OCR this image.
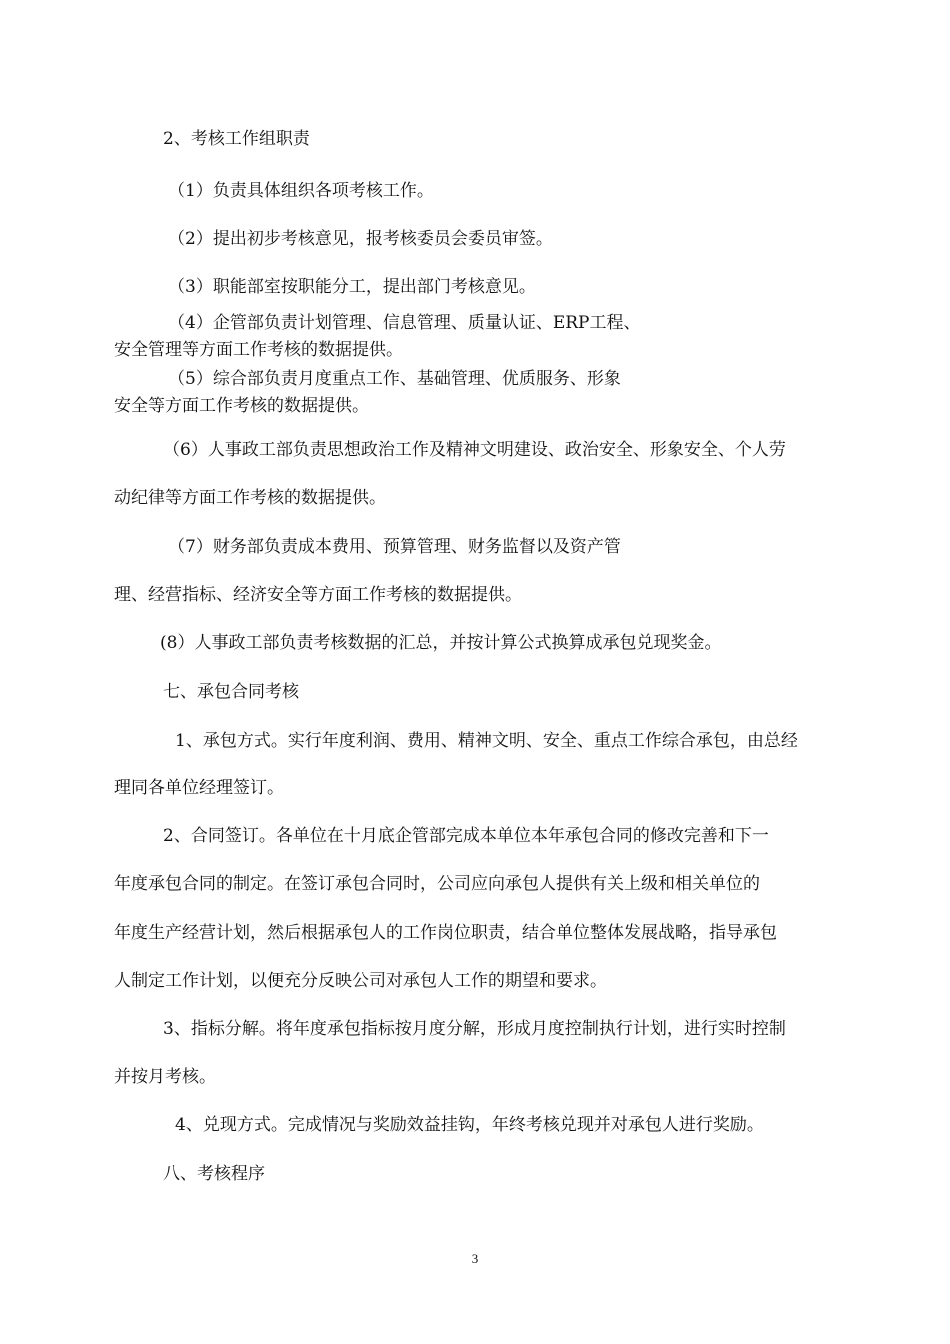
2、考核工作组职责
（1）负责具体组织各项考核工作。
（2）提出初步考核意见，报考核委员会委员审签。
（3）职能部室按职能分工，提出部门考核意见。
（4）企管部负责计划管理、信息管理、质量认证、ERP工程、
安全管理等方面工作考核的数据提供。
（5）综合部负责月度重点工作、基础管理、优质服务、形象
安全等方面工作考核的数据提供。
（6）人事政工部负责思想政治工作及精神文明建设、政治安全、形象安全、个人劳
动纪律等方面工作考核的数据提供。
（7）财务部负责成本费用、预算管理、财务监督以及资产管
理、经营指标、经济安全等方面工作考核的数据提供。
(8）人事政工部负责考核数据的汇总，并按计算公式换算成承包兑现奖金。
七、承包合同考核
1、承包方式。实行年度利润、费用、精神文明、安全、重点工作综合承包，由总经
理同各单位经理签订。
2、合同签订。各单位在十月底企管部完成本单位本年承包合同的修改完善和下一
年度承包合同的制定。在签订承包合同时，公司应向承包人提供有关上级和相关单位的
年度生产经营计划，然后根据承包人的工作岗位职责，结合单位整体发展战略，指导承包
人制定工作计划，以便充分反映公司对承包人工作的期望和要求。
3、指标分解。将年度承包指标按月度分解，形成月度控制执行计划，进行实时控制
并按月考核。
4、兑现方式。完成情况与奖励效益挂钩，年终考核兑现并对承包人进行奖励。
八、考核程序
3
